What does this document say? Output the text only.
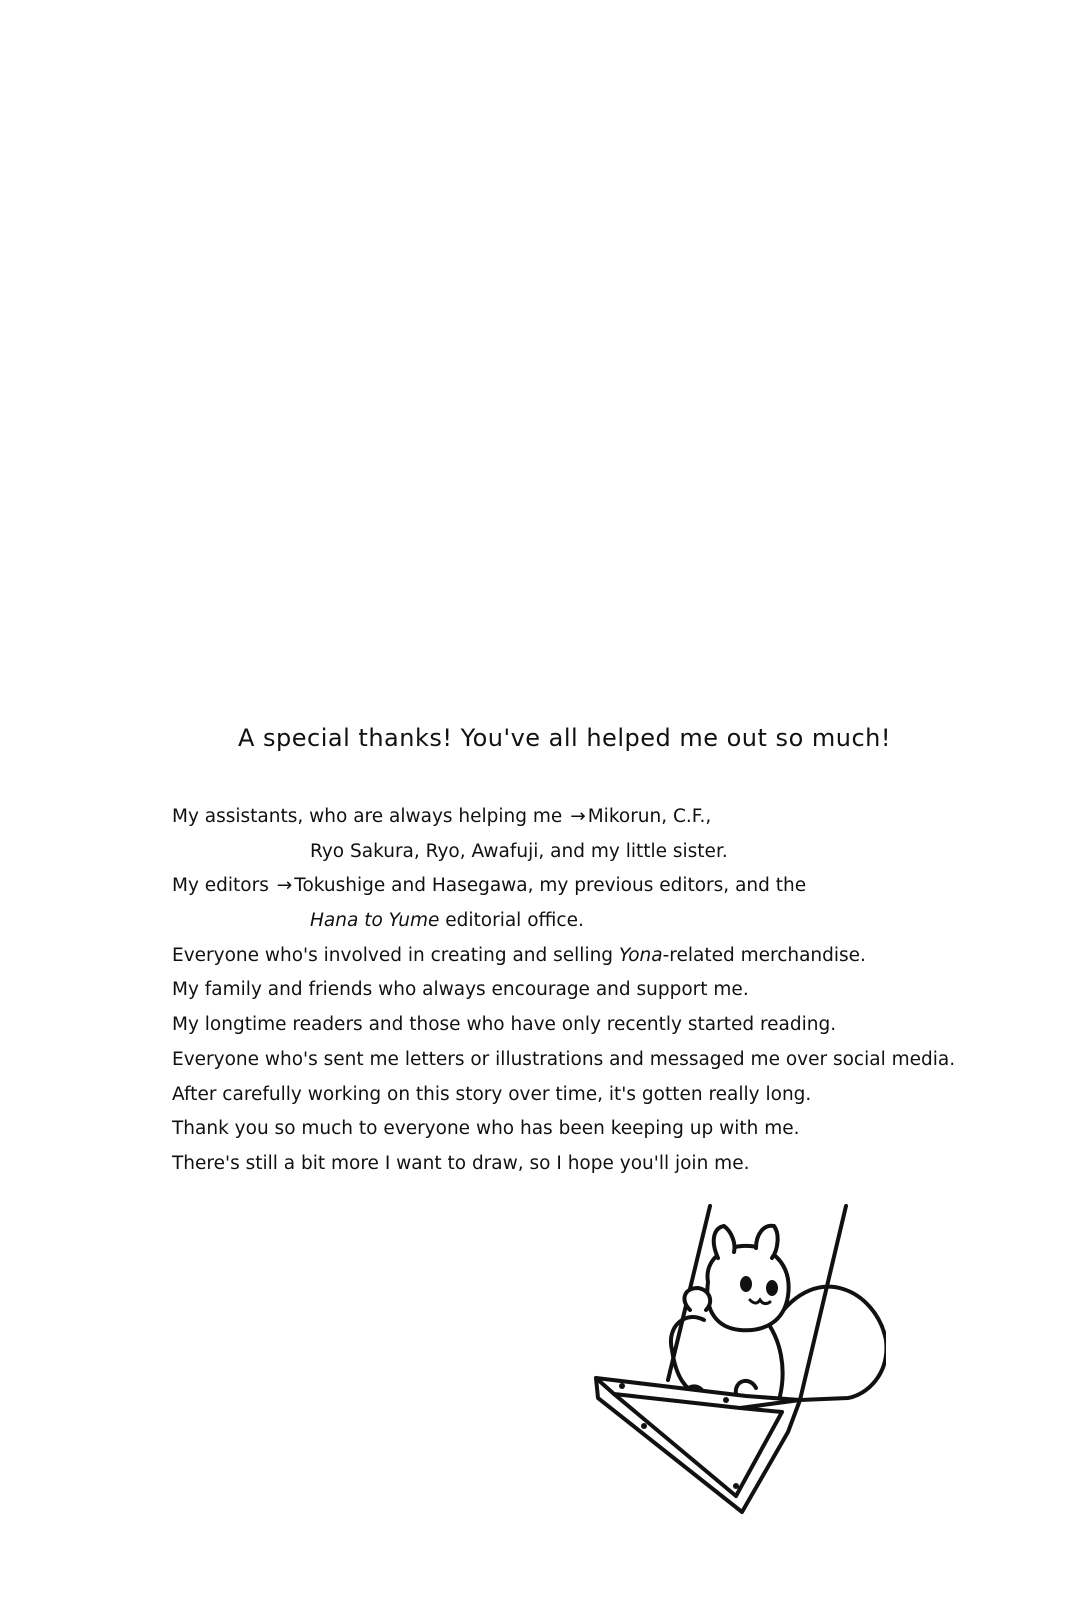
A special thanks! You've all helped me out so much!
My assistants, who are always helping me → Mikorun, C.F.,
Ryo Sakura, Ryo, Awafuji, and my little sister.
My editors → Tokushige and Hasegawa, my previous editors, and the
Hana to Yume editorial office.
Everyone who's involved in creating and selling Yona-related merchandise.
My family and friends who always encourage and support me.
My longtime readers and those who have only recently started reading.
Everyone who's sent me letters or illustrations and messaged me over social media.
After carefully working on this story over time, it's gotten really long.
Thank you so much to everyone who has been keeping up with me.
There's still a bit more I want to draw, so I hope you'll join me.
